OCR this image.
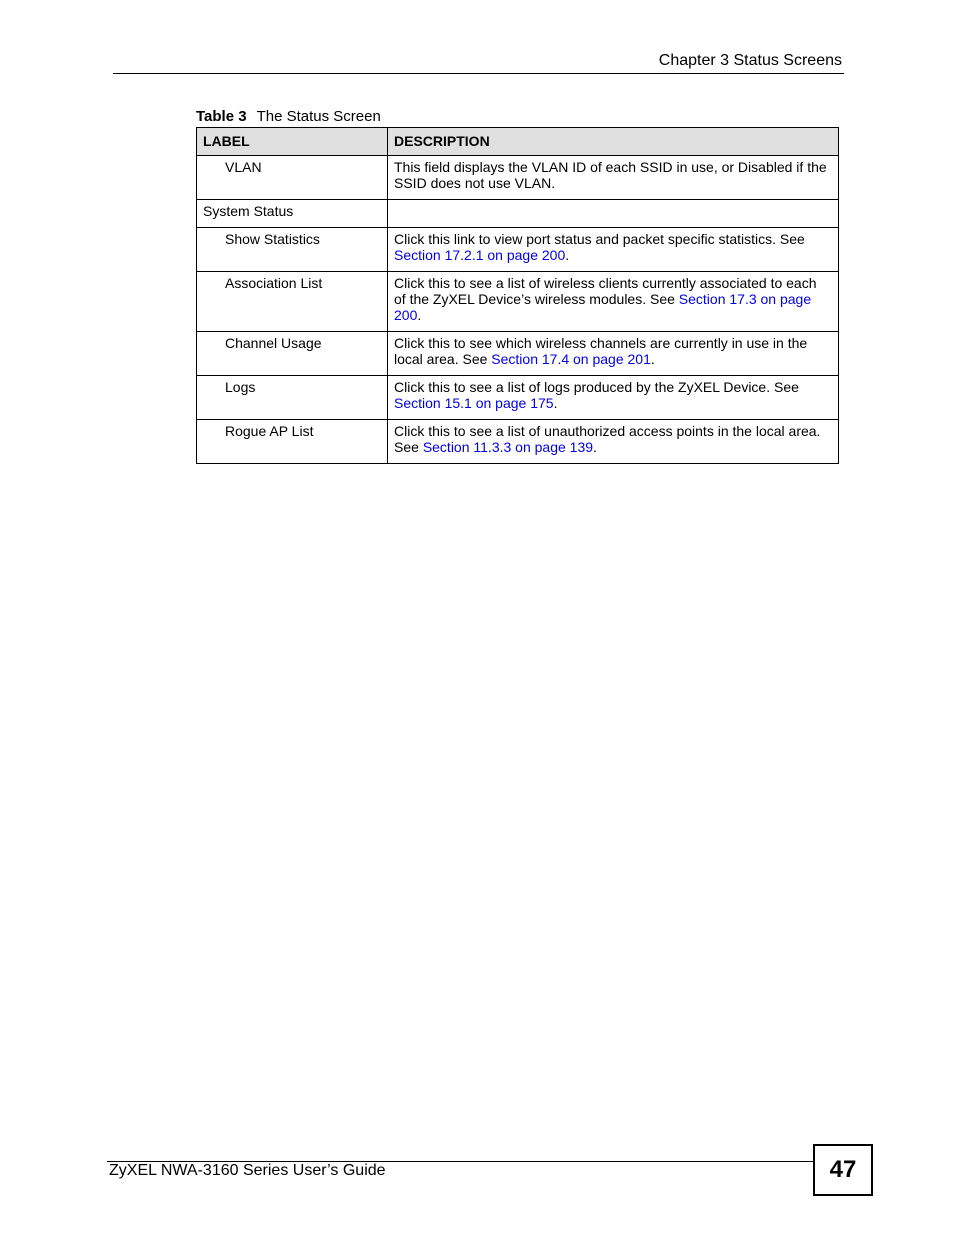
Chapter 3 Status Screens
Table 3 The Status Screen
LABEL	DESCRIPTION
VLAN	This field displays the VLAN ID of each SSID in use, or Disabled if the SSID does not use VLAN.
System Status	
Show Statistics	Click this link to view port status and packet specific statistics. See Section 17.2.1 on page 200.
Association List	Click this to see a list of wireless clients currently associated to each of the ZyXEL Device’s wireless modules. See Section 17.3 on page 200.
Channel Usage	Click this to see which wireless channels are currently in use in the local area. See Section 17.4 on page 201.
Logs	Click this to see a list of logs produced by the ZyXEL Device. See Section 15.1 on page 175.
Rogue AP List	Click this to see a list of unauthorized access points in the local area. See Section 11.3.3 on page 139.
ZyXEL NWA-3160 Series User’s Guide	47
